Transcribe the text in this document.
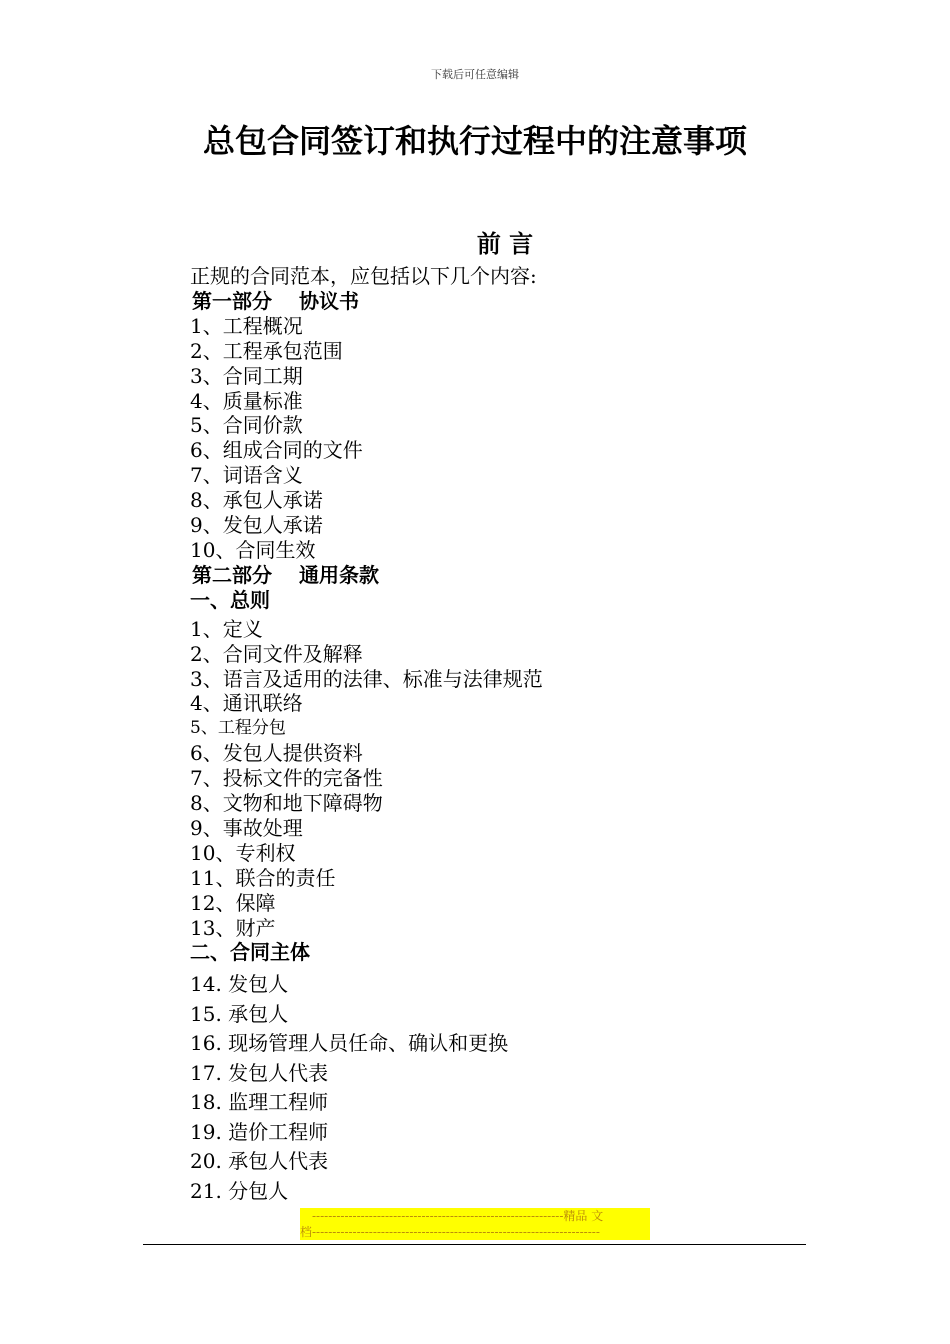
下载后可任意编辑
总包合同签订和执行过程中的注意事项
前 言
正规的合同范本，应包括以下几个内容:
第一部分　 协议书
1、工程概况
2、工程承包范围
3、合同工期
4、质量标准
5、合同价款
6、组成合同的文件
7、词语含义
8、承包人承诺
9、发包人承诺
10、合同生效
第二部分　 通用条款
一、总则
1、定义
2、合同文件及解释
3、语言及适用的法律、标准与法律规范
4、通讯联络
5、工程分包
6、发包人提供资料
7、投标文件的完备性
8、文物和地下障碍物
9、事故处理
10、专利权
11、联合的责任
12、保障
13、财产
二、合同主体
14. 发包人
15. 承包人
16. 现场管理人员任命、确认和更换
17. 发包人代表
18. 监理工程师
19. 造价工程师
20. 承包人代表
21. 分包人
--------------------------------------------------------------精品 文
档-----------------------------------------------------------------------
